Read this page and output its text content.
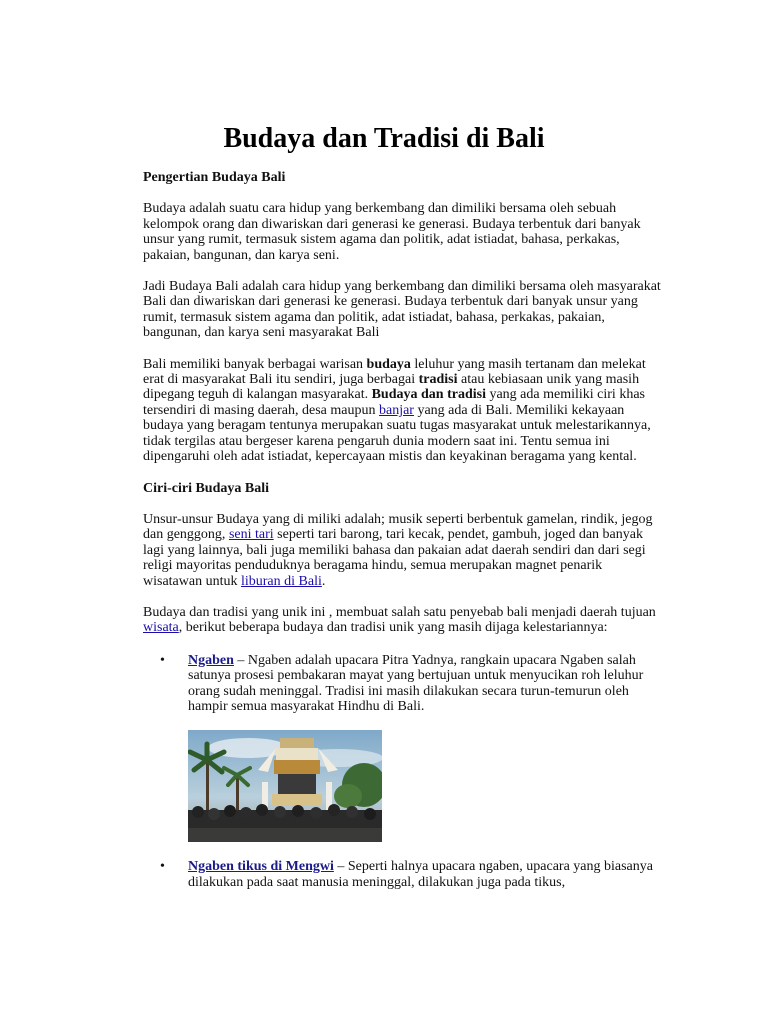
Budaya dan Tradisi di Bali

Pengertian Budaya Bali

Budaya adalah suatu cara hidup yang berkembang dan dimiliki bersama oleh sebuah kelompok orang dan diwariskan dari generasi ke generasi. Budaya terbentuk dari banyak unsur yang rumit, termasuk sistem agama dan politik, adat istiadat, bahasa, perkakas, pakaian, bangunan, dan karya seni.

Jadi Budaya Bali adalah cara hidup yang berkembang dan dimiliki bersama oleh masyarakat Bali dan diwariskan dari generasi ke generasi. Budaya terbentuk dari banyak unsur yang rumit, termasuk sistem agama dan politik, adat istiadat, bahasa, perkakas, pakaian, bangunan, dan karya seni masyarakat Bali

Bali memiliki banyak berbagai warisan budaya leluhur yang masih tertanam dan melekat erat di masyarakat Bali itu sendiri, juga berbagai tradisi atau kebiasaan unik yang masih dipegang teguh di kalangan masyarakat. Budaya dan tradisi yang ada memiliki ciri khas tersendiri di masing daerah, desa maupun banjar yang ada di Bali. Memiliki kekayaan budaya yang beragam tentunya merupakan suatu tugas masyarakat untuk melestarikannya, tidak tergilas atau bergeser karena pengaruh dunia modern saat ini. Tentu semua ini dipengaruhi oleh adat istiadat, kepercayaan mistis dan keyakinan beragama yang kental.

Ciri-ciri Budaya Bali

Unsur-unsur Budaya yang di miliki adalah; musik seperti berbentuk gamelan, rindik, jegog dan genggong, seni tari seperti tari barong, tari kecak, pendet, gambuh, joged dan banyak lagi yang lainnya, bali juga memiliki bahasa dan pakaian adat daerah sendiri dan dari segi religi mayoritas penduduknya beragama hindu, semua merupakan magnet penarik wisatawan untuk liburan di Bali.

Budaya dan tradisi yang unik ini , membuat salah satu penyebab bali menjadi daerah tujuan wisata, berikut beberapa budaya dan tradisi unik yang masih dijaga kelestariannya:

• Ngaben – Ngaben adalah upacara Pitra Yadnya, rangkain upacara Ngaben salah satunya prosesi pembakaran mayat yang bertujuan untuk menyucikan roh leluhur orang sudah meninggal. Tradisi ini masih dilakukan secara turun-temurun oleh hampir semua masyarakat Hindhu di Bali.
• Ngaben tikus di Mengwi – Seperti halnya upacara ngaben, upacara yang biasanya dilakukan pada saat manusia meninggal, dilakukan juga pada tikus,
